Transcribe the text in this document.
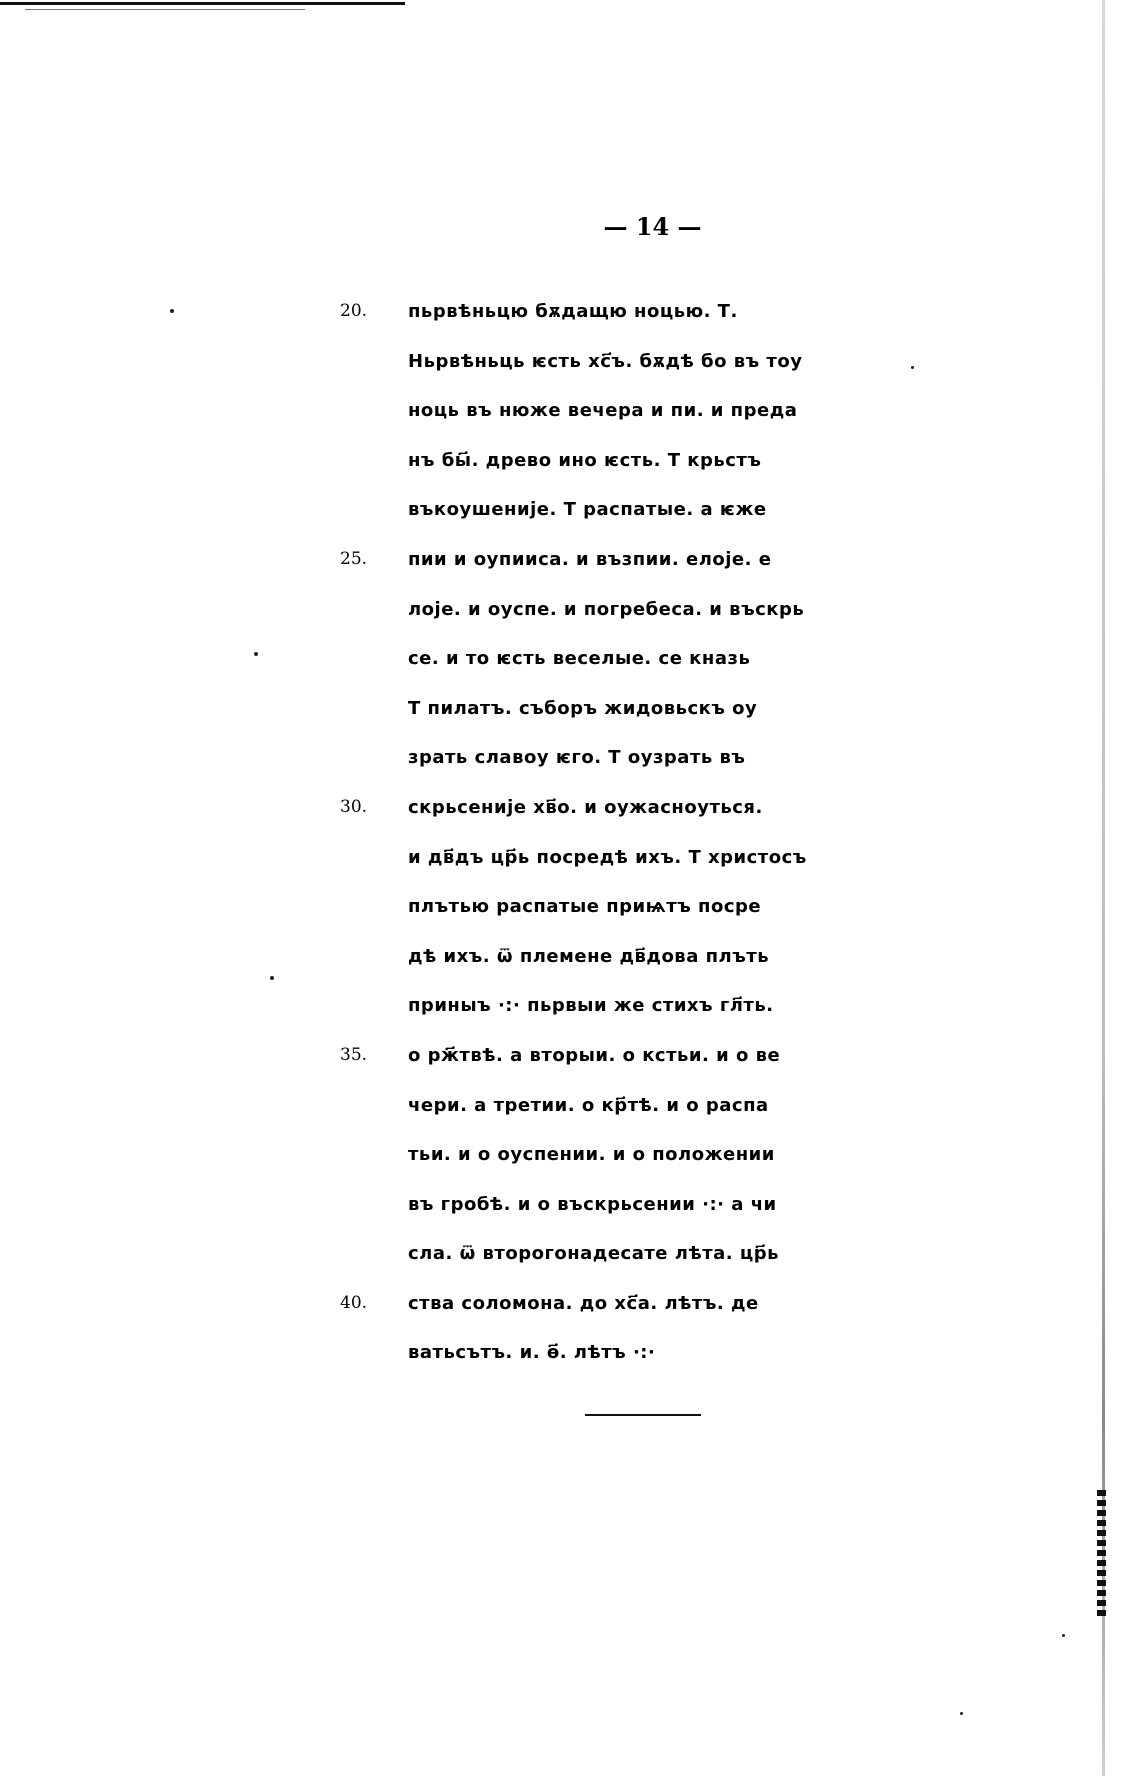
— 14 —
20.	пьрвѣньцю бѫдащю ноцью. Т.
Ньрвѣньць ѥсть хс҃ъ. бѫдѣ бо въ тоу
ноць въ нюже вечера и пи. и преда
нъ бы҃. древо ино ѥсть. Т крьстъ
въкоушеније. Т распатые. а ѥже
25.	пии и оупииса. и възпии. елоје. е
лоје. и оуспе. и погребеса. и въскрь
се. и то ѥсть веселые. се кназь
Т пилатъ. съборъ жидовьскъ оу
зрать славоу ѥго. Т оузрать въ
30.	скрьсеније хв҃о. и оужасноуться.
и дв҃дъ цр҃ь посредѣ ихъ. Т христосъ
плътью распатые приѩтъ посре
дѣ ихъ. ѿ племене дв҃дова плъть
приныъ ·:· пьрвыи же стихъ гл҃ть.
35.	о рж҃твѣ. а вторыи. о кстьи. и о ве
чери. а третии. о кр҃тѣ. и о распа
тьи. и о оуспении. и о положении
въ гробѣ. и о въскрьсении ·:· а чи
сла. ѿ второгонадесате лѣта. цр҃ь
40.	ства соломона. до хс҃а. лѣтъ. де
ватьсътъ. и. ѳ҃. лѣтъ ·:·
